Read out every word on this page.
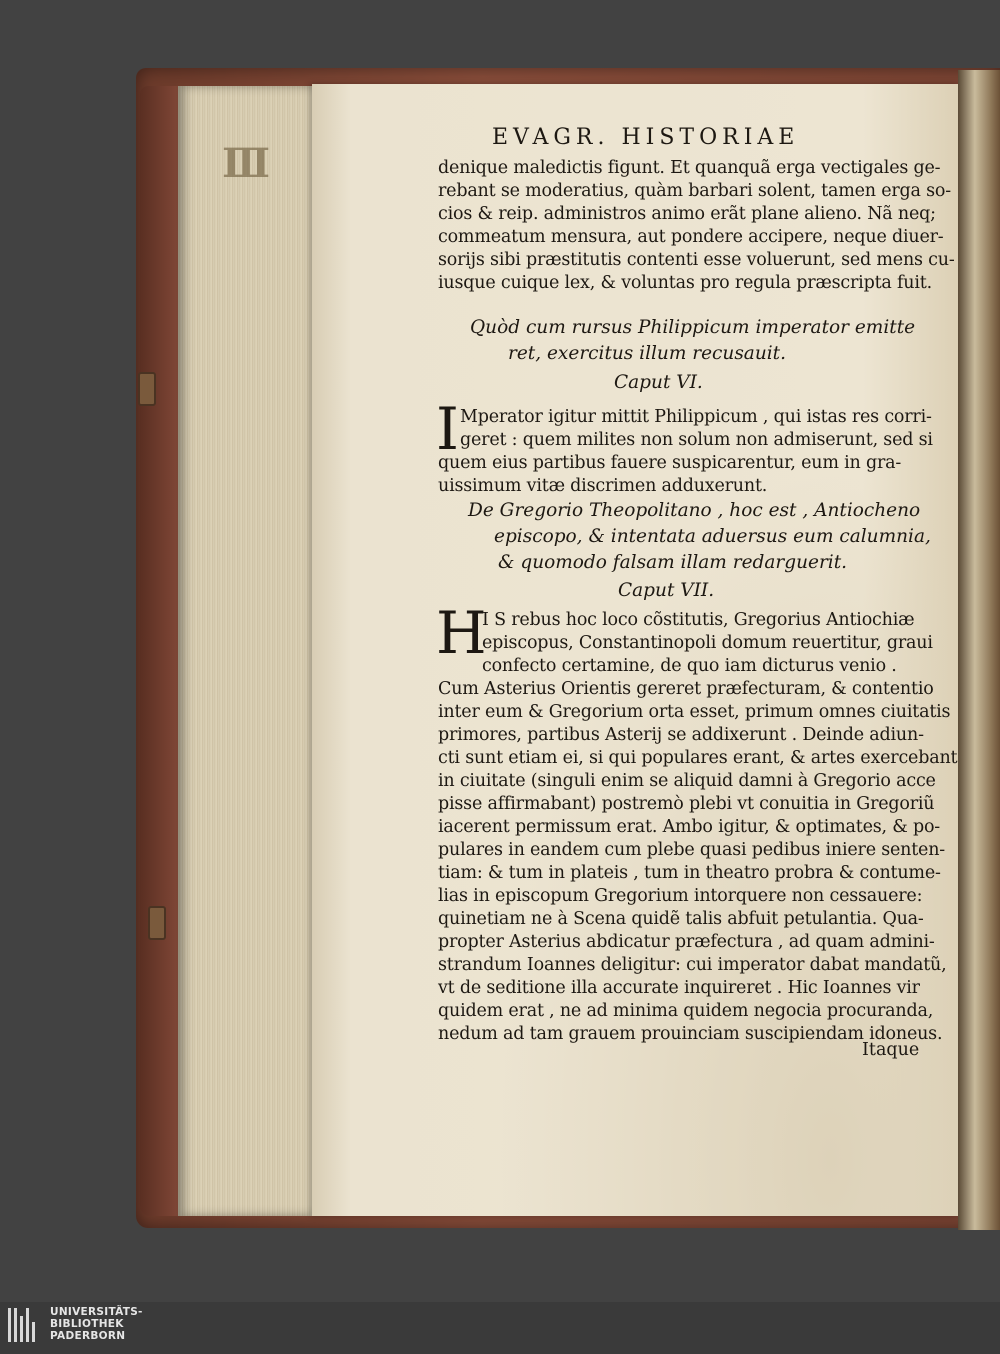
ΙΙΙ
EVAGR. HISTORIAE
denique maledictis figunt. Et quanquã erga vectigales ge-
rebant se moderatius, quàm barbari solent, tamen erga so-
cios & reip. administros animo erãt plane alieno. Nã neq;
commeatum mensura, aut pondere accipere, neque diuer-
sorijs sibi præstitutis contenti esse voluerunt, sed mens cu-
iusque cuique lex, & voluntas pro regula præscripta fuit.
Quòd cum rursus Philippicum imperator emitte
ret, exercitus illum recusauit.
Caput VI.
I Mperator igitur mittit Philippicum , qui istas res corri-
geret : quem milites non solum non admiserunt, sed si
quem eius partibus fauere suspicarentur, eum in gra-
uissimum vitæ discrimen adduxerunt.
De Gregorio Theopolitano , hoc est , Antiocheno
episcopo, & intentata aduersus eum calumnia,
& quomodo falsam illam redarguerit.
Caput VII.
H
I S rebus hoc loco cõstitutis, Gregorius Antiochiæ
episcopus, Constantinopoli domum reuertitur, graui
confecto certamine, de quo iam dicturus venio .
Cum Asterius Orientis gereret præfecturam, & contentio
inter eum & Gregorium orta esset, primum omnes ciuitatis
primores, partibus Asterij se addixerunt . Deinde adiun-
cti sunt etiam ei, si qui populares erant, & artes exercebant
in ciuitate (singuli enim se aliquid damni à Gregorio acce
pisse affirmabant) postremò plebi vt conuitia in Gregoriũ
iacerent permissum erat. Ambo igitur, & optimates, & po-
pulares in eandem cum plebe quasi pedibus iniere senten-
tiam: & tum in plateis , tum in theatro probra & contume-
lias in episcopum Gregorium intorquere non cessauere:
quinetiam ne à Scena quidẽ talis abfuit petulantia. Qua-
propter Asterius abdicatur præfectura , ad quam admini-
strandum Ioannes deligitur: cui imperator dabat mandatũ,
vt de seditione illa accurate inquireret . Hic Ioannes vir
quidem erat , ne ad minima quidem negocia procuranda,
nedum ad tam grauem prouinciam suscipiendam idoneus.
Itaque
UNIVERSITÄTS-
BIBLIOTHEK
PADERBORN
